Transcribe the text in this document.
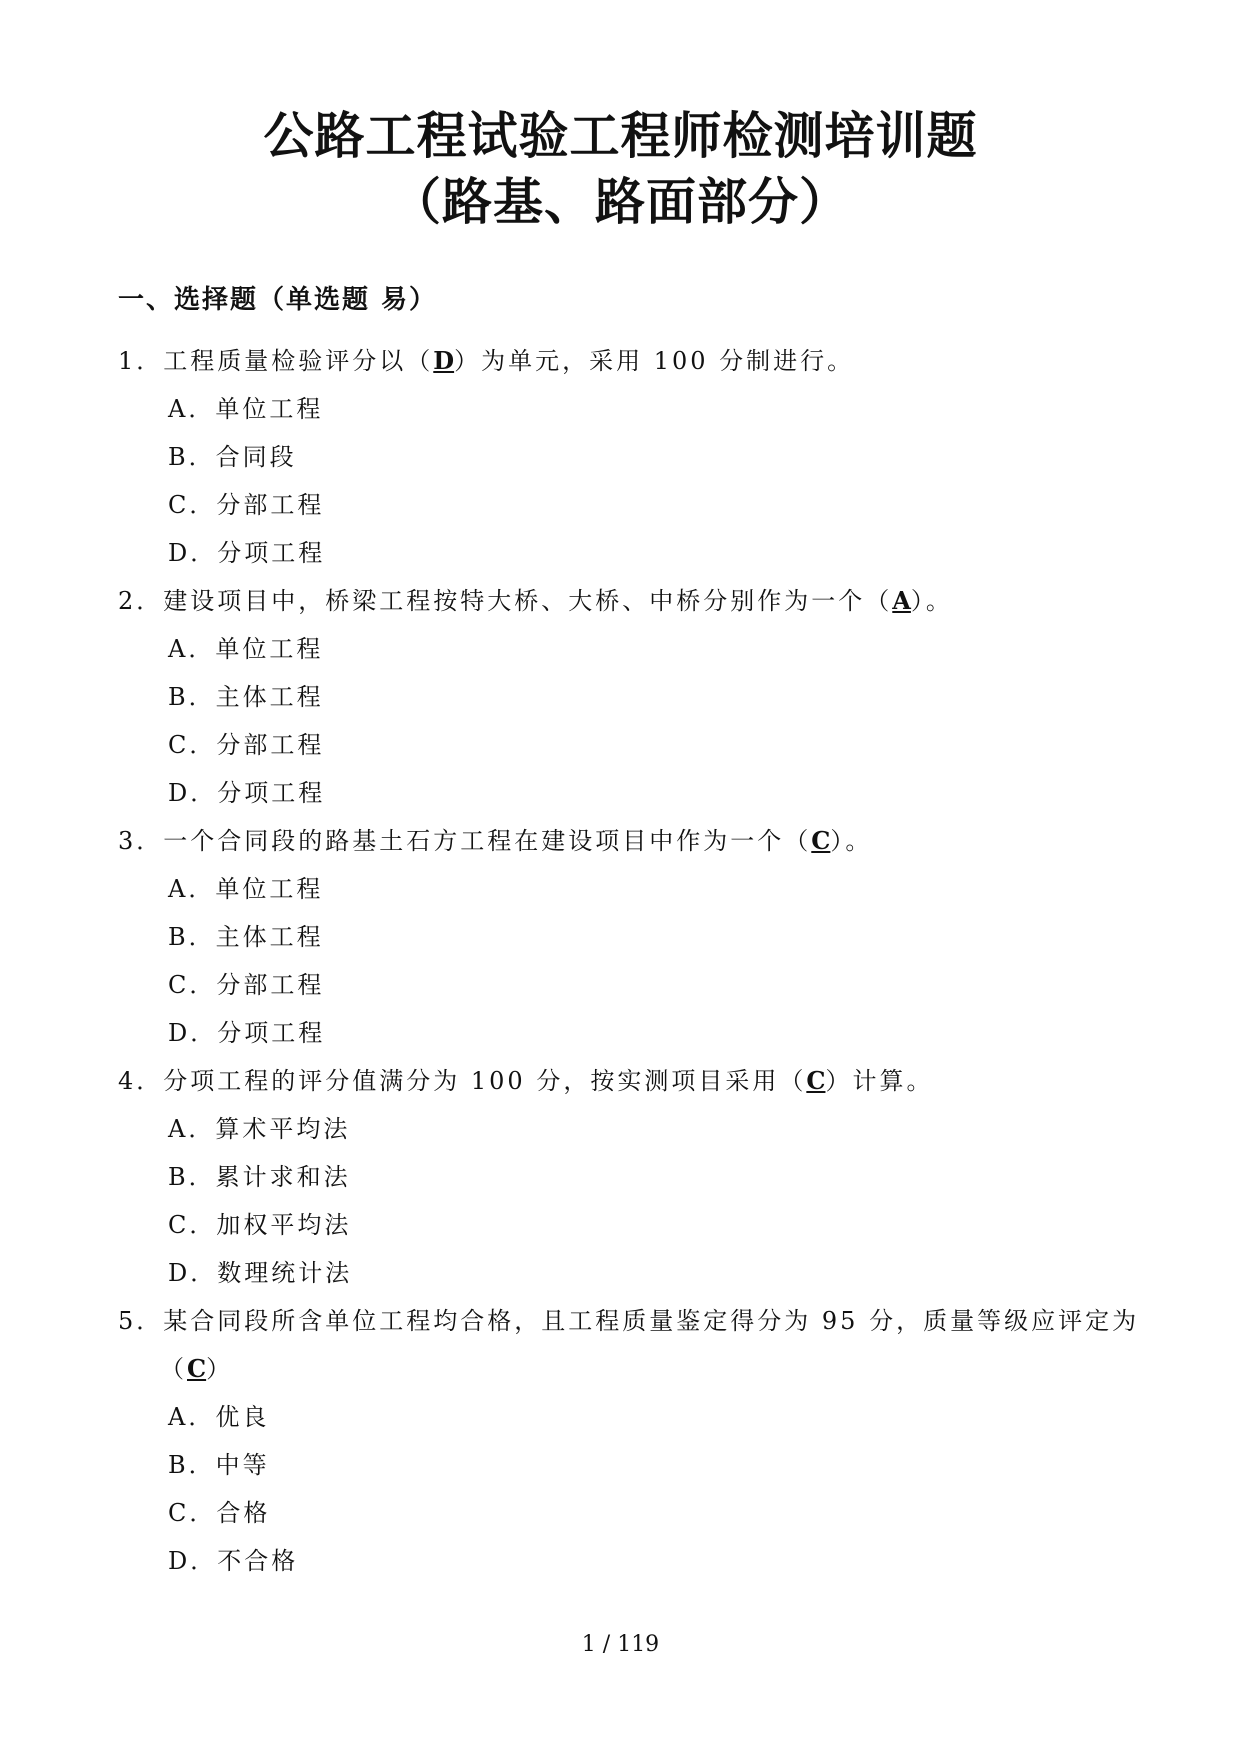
公路工程试验工程师检测培训题
（路基、路面部分）
一、选择题（单选题 易）
1．工程质量检验评分以（D）为单元，采用 100 分制进行。
A．单位工程
B．合同段
C．分部工程
D．分项工程
2．建设项目中，桥梁工程按特大桥、大桥、中桥分别作为一个（A）。
A．单位工程
B．主体工程
C．分部工程
D．分项工程
3．一个合同段的路基土石方工程在建设项目中作为一个（C）。
A．单位工程
B．主体工程
C．分部工程
D．分项工程
4．分项工程的评分值满分为 100 分，按实测项目采用（C）计算。
A．算术平均法
B．累计求和法
C．加权平均法
D．数理统计法
5．某合同段所含单位工程均合格，且工程质量鉴定得分为 95 分，质量等级应评定为
（C）
A．优良
B．中等
C．合格
D．不合格
1 / 119
